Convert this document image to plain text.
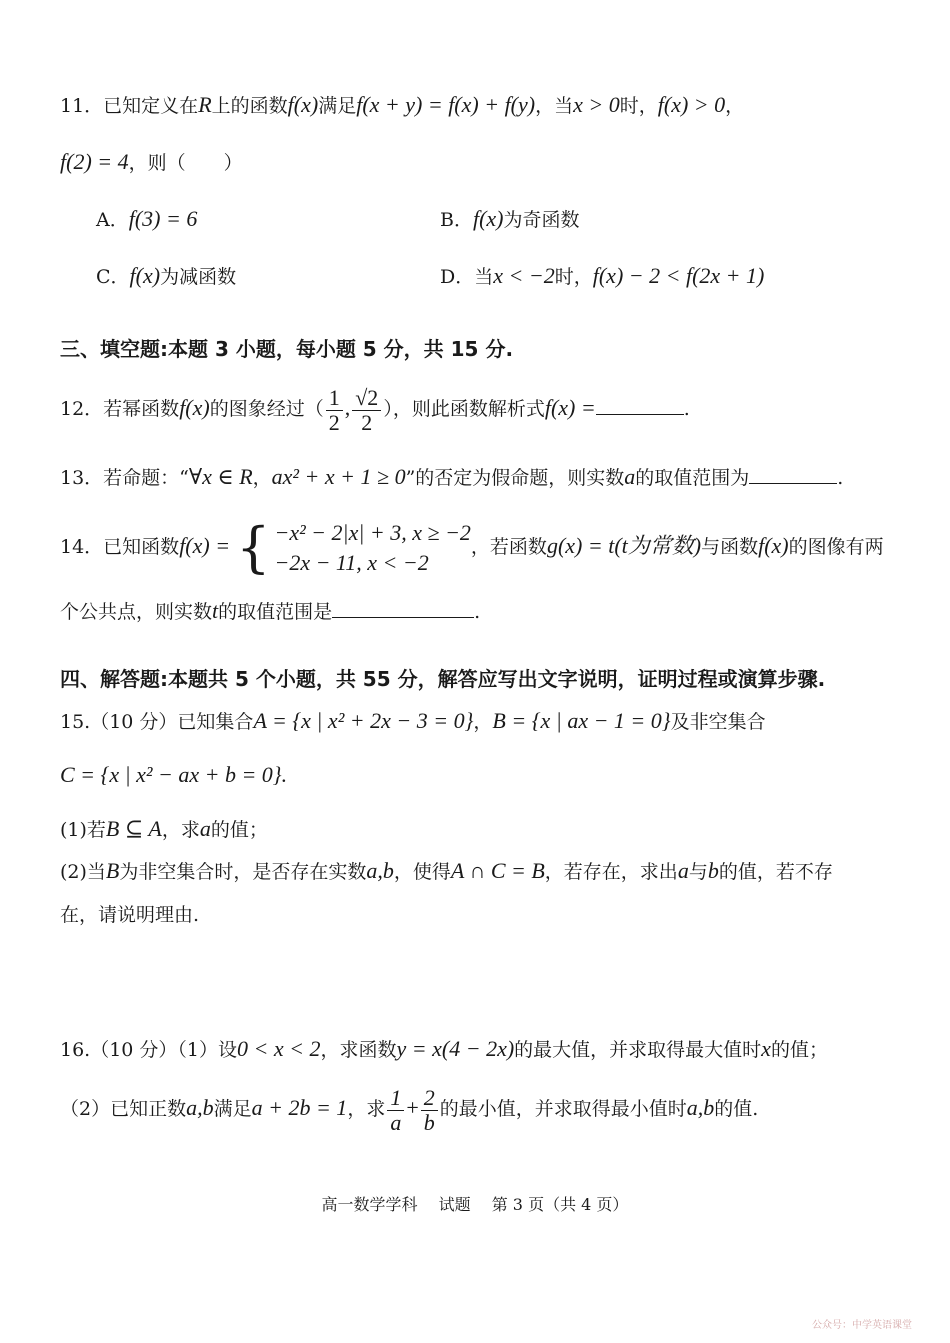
11．已知定义在R上的函数f(x)满足f(x + y) = f(x) + f(y)，当x > 0时，f(x) > 0，
f(2) = 4，则（　　）
A．f(3) = 6	B．f(x)为奇函数
C．f(x)为减函数	D．当x < −2时，f(x) − 2 < f(2x + 1)
三、填空题:本题 3 小题，每小题 5 分，共 15 分.
12．若幂函数f(x)的图象经过（ $\frac{1}{2}$ , $\frac{√2}{2}$ ），则此函数解析式f(x) =	.
13．若命题：“∀x ∈ R，ax² + x + 1 ≥ 0”的否定为假命题，则实数a的取值范围为	.
14．已知函数f(x) = { −x² − 2|x| + 3, x ≥ −2
−2x − 11, x < −2
，若函数g(x) = t(t为常数)与函数f(x)的图像有两
个公共点，则实数t的取值范围是	.
四、解答题:本题共 5 个小题，共 55 分，解答应写出文字说明，证明过程或演算步骤.
15.（10 分）已知集合A = {x | x² + 2x − 3 = 0}，B = {x | ax − 1 = 0}及非空集合
C = {x | x² − ax + b = 0}.
(1)若B ⊆ A，求a的值；
(2)当B为非空集合时，是否存在实数a,b，使得A ∩ C = B，若存在，求出a与b的值，若不存
在，请说明理由.
16.（10 分）（1）设0 < x < 2，求函数y = x(4 − 2x)的最大值，并求取得最大值时x的值；
（2）已知正数a,b满足a + 2b = 1，求 $\frac{1}{a} + \frac{2}{b}$ 的最小值，并求取得最小值时a,b的值.
高一数学学科　 试题　 第 3 页（共 4 页）
公众号：中学英语课堂
